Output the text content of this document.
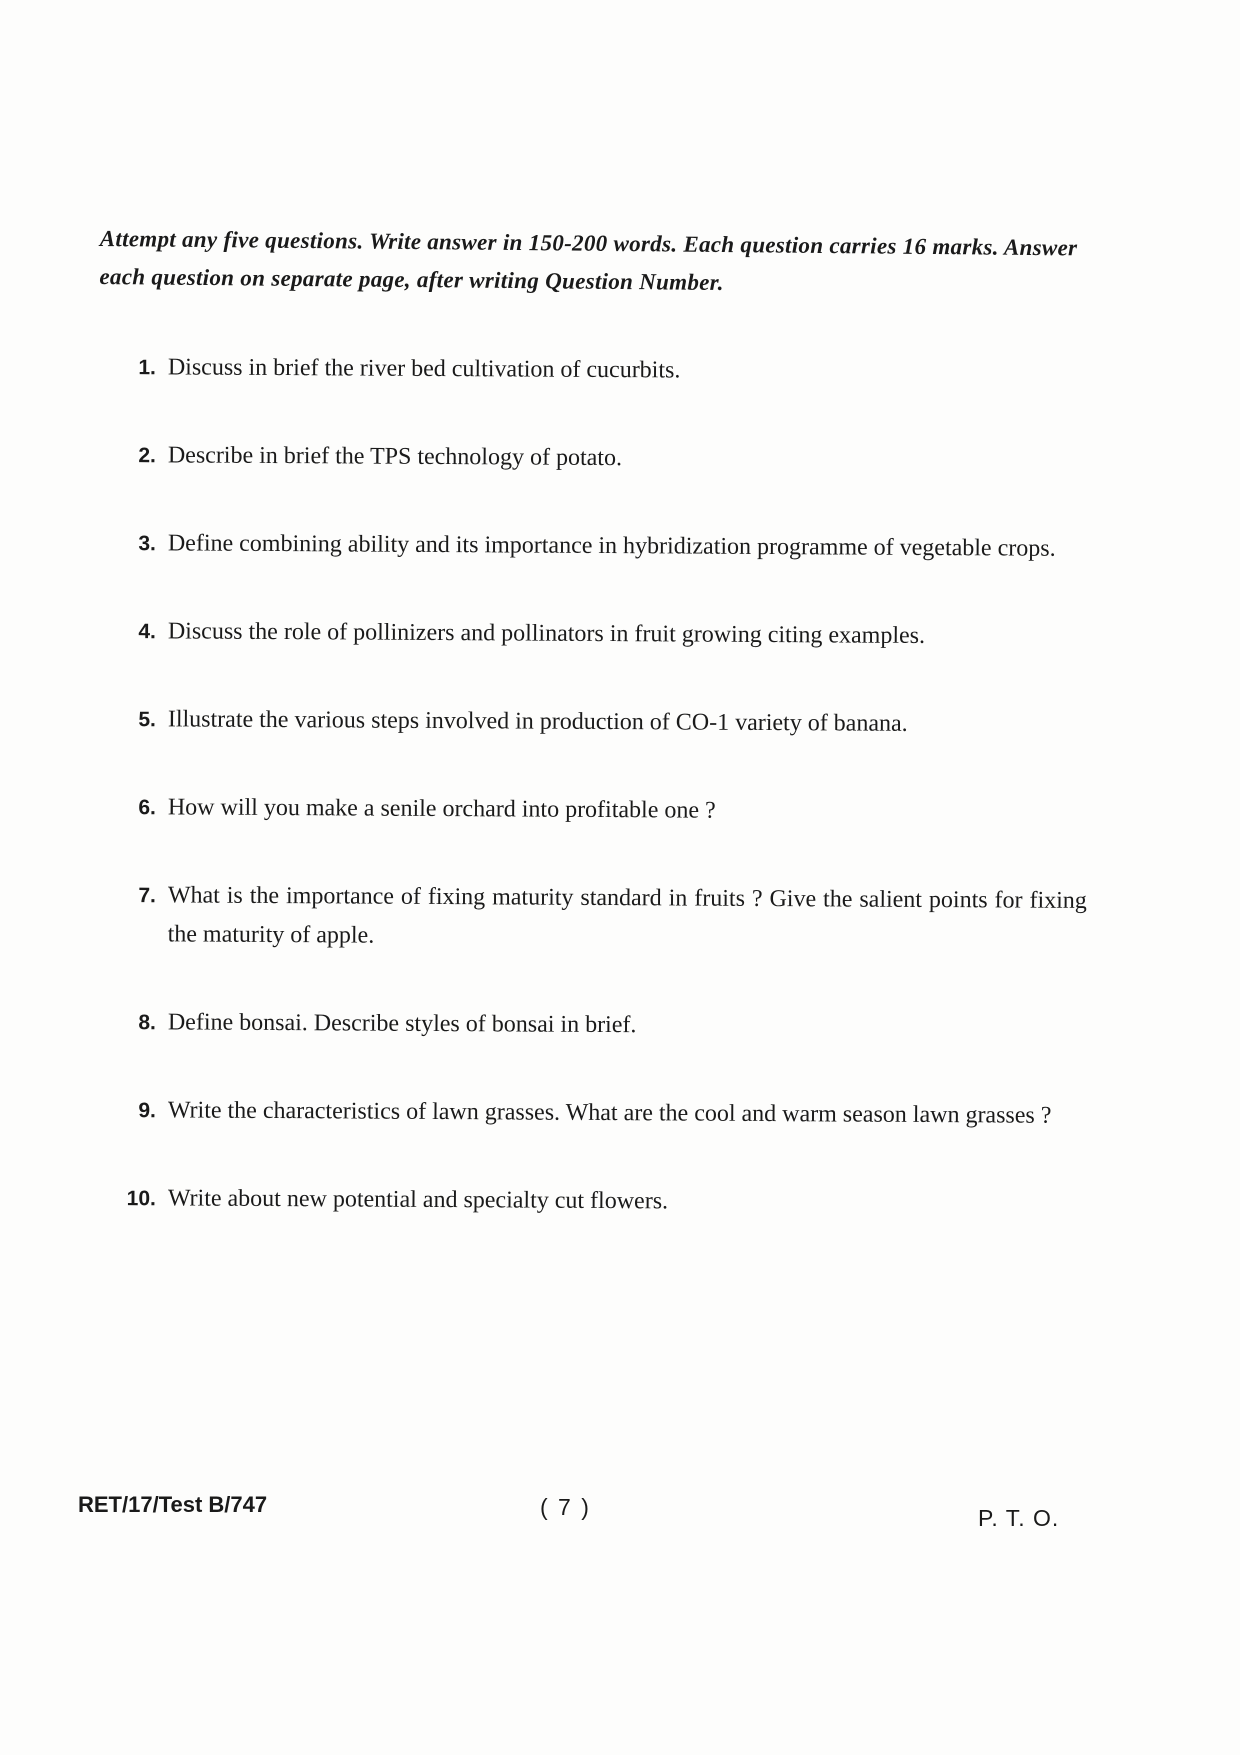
Attempt any five questions. Write answer in 150-200 words. Each question carries 16 marks. Answer each question on separate page, after writing Question Number.
1. Discuss in brief the river bed cultivation of cucurbits.
2. Describe in brief the TPS technology of potato.
3. Define combining ability and its importance in hybridization programme of vegetable crops.
4. Discuss the role of pollinizers and pollinators in fruit growing citing examples.
5. Illustrate the various steps involved in production of CO-1 variety of banana.
6. How will you make a senile orchard into profitable one ?
7. What is the importance of fixing maturity standard in fruits ? Give the salient points for fixing the maturity of apple.
8. Define bonsai. Describe styles of bonsai in brief.
9. Write the characteristics of lawn grasses. What are the cool and warm season lawn grasses ?
10. Write about new potential and specialty cut flowers.
RET/17/Test B/747	( 7 )	P. T. O.
